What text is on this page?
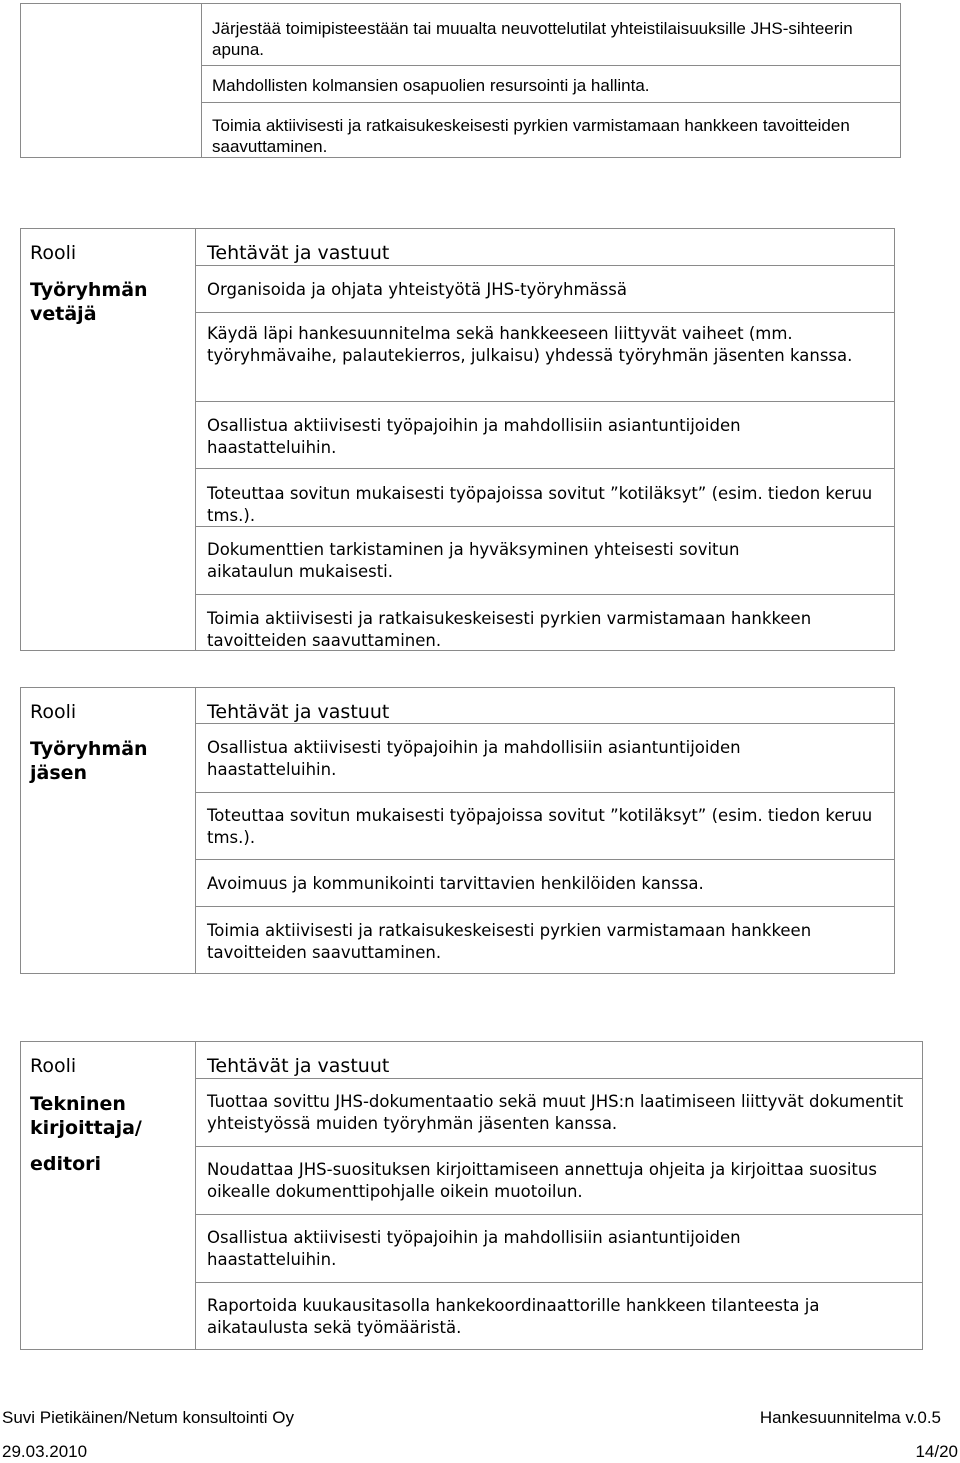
Järjestää toimipisteestään tai muualta neuvottelutilat yhteistilaisuuksille JHS-sihteerin apuna.
Mahdollisten kolmansien osapuolien resursointi ja hallinta.
Toimia aktiivisesti ja ratkaisukeskeisesti pyrkien varmistamaan hankkeen tavoitteiden saavuttaminen.
Rooli	Tehtävät ja vastuut
Työryhmän vetäjä
Organisoida ja ohjata yhteistyötä JHS-työryhmässä
Käydä läpi hankesuunnitelma sekä hankkeeseen liittyvät vaiheet (mm. työryhmävaihe, palautekierros, julkaisu) yhdessä työryhmän jäsenten kanssa.
Osallistua aktiivisesti työpajoihin ja mahdollisiin asiantuntijoiden haastatteluihin.
Toteuttaa sovitun mukaisesti työpajoissa sovitut ”kotiläksyt” (esim. tiedon keruu tms.).
Dokumenttien tarkistaminen ja hyväksyminen yhteisesti sovitun aikataulun mukaisesti.
Toimia aktiivisesti ja ratkaisukeskeisesti pyrkien varmistamaan hankkeen tavoitteiden saavuttaminen.
Rooli	Tehtävät ja vastuut
Työryhmän jäsen
Osallistua aktiivisesti työpajoihin ja mahdollisiin asiantuntijoiden haastatteluihin.
Toteuttaa sovitun mukaisesti työpajoissa sovitut ”kotiläksyt” (esim. tiedon keruu tms.).
Avoimuus ja kommunikointi tarvittavien henkilöiden kanssa.
Toimia aktiivisesti ja ratkaisukeskeisesti pyrkien varmistamaan hankkeen tavoitteiden saavuttaminen.
Rooli	Tehtävät ja vastuut
Tekninen kirjoittaja/
editori
Tuottaa sovittu JHS-dokumentaatio sekä muut JHS:n laatimiseen liittyvät dokumentit yhteistyössä muiden työryhmän jäsenten kanssa.
Noudattaa JHS-suosituksen kirjoittamiseen annettuja ohjeita ja kirjoittaa suositus oikealle dokumenttipohjalle oikein muotoilun.
Osallistua aktiivisesti työpajoihin ja mahdollisiin asiantuntijoiden haastatteluihin.
Raportoida kuukausitasolla hankekoordinaattorille hankkeen tilanteesta ja aikataulusta sekä työmääristä.
Suvi Pietikäinen/Netum konsultointi Oy	Hankesuunnitelma v.0.5
29.03.2010	14/20
